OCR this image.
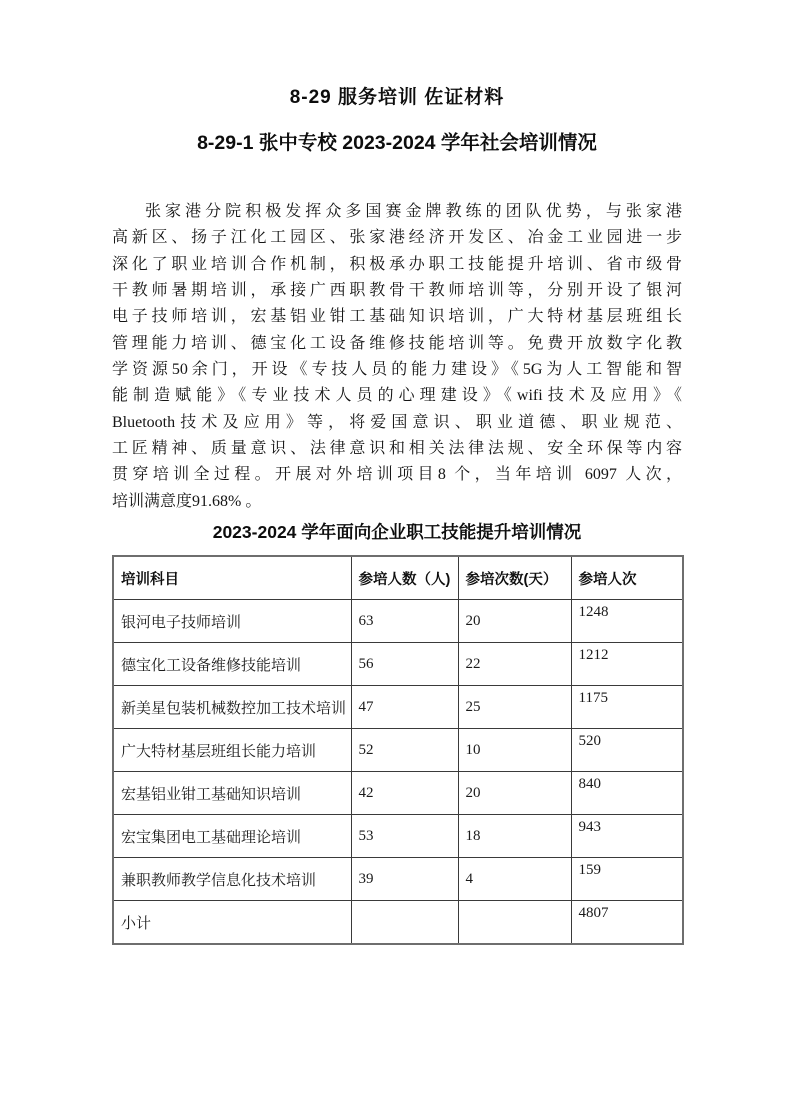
8-29 服务培训 佐证材料
8-29-1 张中专校 2023-2024 学年社会培训情况
张家港分院积极发挥众多国赛金牌教练的团队优势，与张家港
高新区、扬子江化工园区、张家港经济开发区、冶金工业园进一步
深化了职业培训合作机制，积极承办职工技能提升培训、省市级骨
干教师暑期培训，承接广西职教骨干教师培训等，分别开设了银河
电子技师培训，宏基铝业钳工基础知识培训，广大特材基层班组长
管理能力培训、德宝化工设备维修技能培训等。免费开放数字化教
学资源50余门，开设《专技人员的能力建设》《5G为人工智能和智
能制造赋能》《专业技术人员的心理建设》《wifi技术及应用》《
Bluetooth技术及应用》等，将爱国意识、职业道德、职业规范、
工匠精神、质量意识、法律意识和相关法律法规、安全环保等内容
贯穿培训全过程。开展对外培训项目8 个，当年培训 6097 人次，
培训满意度91.68% 。
2023-2024 学年面向企业职工技能提升培训情况
培训科目	参培人数（人)	参培次数(天）	参培人次
银河电子技师培训	63	20	1248
德宝化工设备维修技能培训	56	22	1212
新美星包装机械数控加工技术培训	47	25	1175
广大特材基层班组长能力培训	52	10	520
宏基铝业钳工基础知识培训	42	20	840
宏宝集团电工基础理论培训	53	18	943
兼职教师教学信息化技术培训	39	4	159
小计			4807
